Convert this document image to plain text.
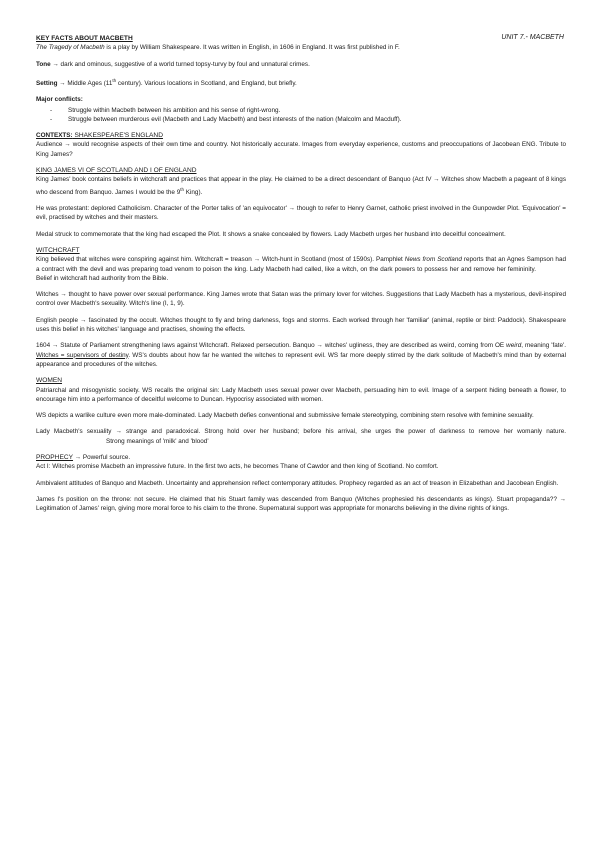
UNIT 7.- MACBETH
KEY FACTS ABOUT MACBETH

The Tragedy of Macbeth is a play by William Shakespeare. It was written in English, in 1606 in England. It was first published in F.

Tone → dark and ominous, suggestive of a world turned topsy-turvy by foul and unnatural crimes.

Setting → Middle Ages (11th century). Various locations in Scotland, and England, but briefly.

Major conflicts:

- Struggle within Macbeth between his ambition and his sense of right-wrong.
- Struggle between murderous evil (Macbeth and Lady Macbeth) and best interests of the nation (Malcolm and Macduff).
CONTEXTS: SHAKESPEARE'S ENGLAND

Audience → would recognise aspects of their own time and country. Not historically accurate. Images from everyday experience, customs and preoccupations of Jacobean ENG. Tribute to King James?

KING JAMES VI OF SCOTLAND AND I OF ENGLAND

King James' book contains beliefs in witchcraft and practices that appear in the play. He claimed to be a direct descendant of Banquo (Act IV → Witches show Macbeth a pageant of 8 kings who descend from Banquo. James I would be the 9th King).

He was protestant: deplored Catholicism. Character of the Porter talks of 'an equivocator' → though to refer to Henry Garnet, catholic priest involved in the Gunpowder Plot. 'Equivocation' = evil, practised by witches and their masters.

Medal struck to commemorate that the king had escaped the Plot. It shows a snake concealed by flowers. Lady Macbeth urges her husband into deceitful concealment.

WITCHCRAFT

King believed that witches were conspiring against him. Witchcraft = treason → Witch-hunt in Scotland (most of 1590s). Pamphlet News from Scotland reports that an Agnes Sampson had a contract with the devil and was preparing toad venom to poison the king. Lady Macbeth had called, like a witch, on the dark powers to possess her and remove her femininity.Belief in witchcraft had authority from the Bible.

Witches → thought to have power over sexual performance. King James wrote that Satan was the primary lover for witches. Suggestions that Lady Macbeth has a mysterious, devil-inspired control over Macbeth's sexuality. Witch's line (I, 1, 9).

English people → fascinated by the occult. Witches thought to fly and bring darkness, fogs and storms. Each worked through her 'familiar' (animal, reptile or bird: Paddock). Shakespeare uses this belief in his witches' language and practises, showing the effects.

1604 → Statute of Parliament strengthening laws against Witchcraft. Relaxed persecution. Banquo → witches' ugliness, they are described as weird, coming from OE weird, meaning 'fate'. Witches = supervisors of destiny. WS's doubts about how far he wanted the witches to represent evil. WS far more deeply stirred by the dark solitude of Macbeth's mind than by external appearance and procedures of the witches.

WOMEN

Patriarchal and misogynistic society. WS recalls the original sin: Lady Macbeth uses sexual power over Macbeth, persuading him to evil. Image of a serpent hiding beneath a flower, to encourage him into a performance of deceitful welcome to Duncan. Hypocrisy associated with women.

WS depicts a warlike culture even more male-dominated. Lady Macbeth defies conventional and submissive female stereotyping, combining stern resolve with feminine sexuality.

Lady Macbeth's sexuality → strange and paradoxical. Strong hold over her husband; before his arrival, she urges the power of darkness to remove her womanly nature.Strong meanings of 'milk' and 'blood'

PROPHECY → Powerful source.

Act I: Witches promise Macbeth an impressive future. In the first two acts, he becomes Thane of Cawdor and then king of Scotland. No comfort.

Ambivalent attitudes of Banquo and Macbeth. Uncertainty and apprehension reflect contemporary attitudes. Prophecy regarded as an act of treason in Elizabethan and Jacobean English.

James I's position on the throne: not secure. He claimed that his Stuart family was descended from Banquo (Witches prophesied his descendants as kings). Stuart propaganda?? → Legitimation of James' reign, giving more moral force to his claim to the throne. Supernatural support was appropriate for monarchs believing in the divine rights of kings.
